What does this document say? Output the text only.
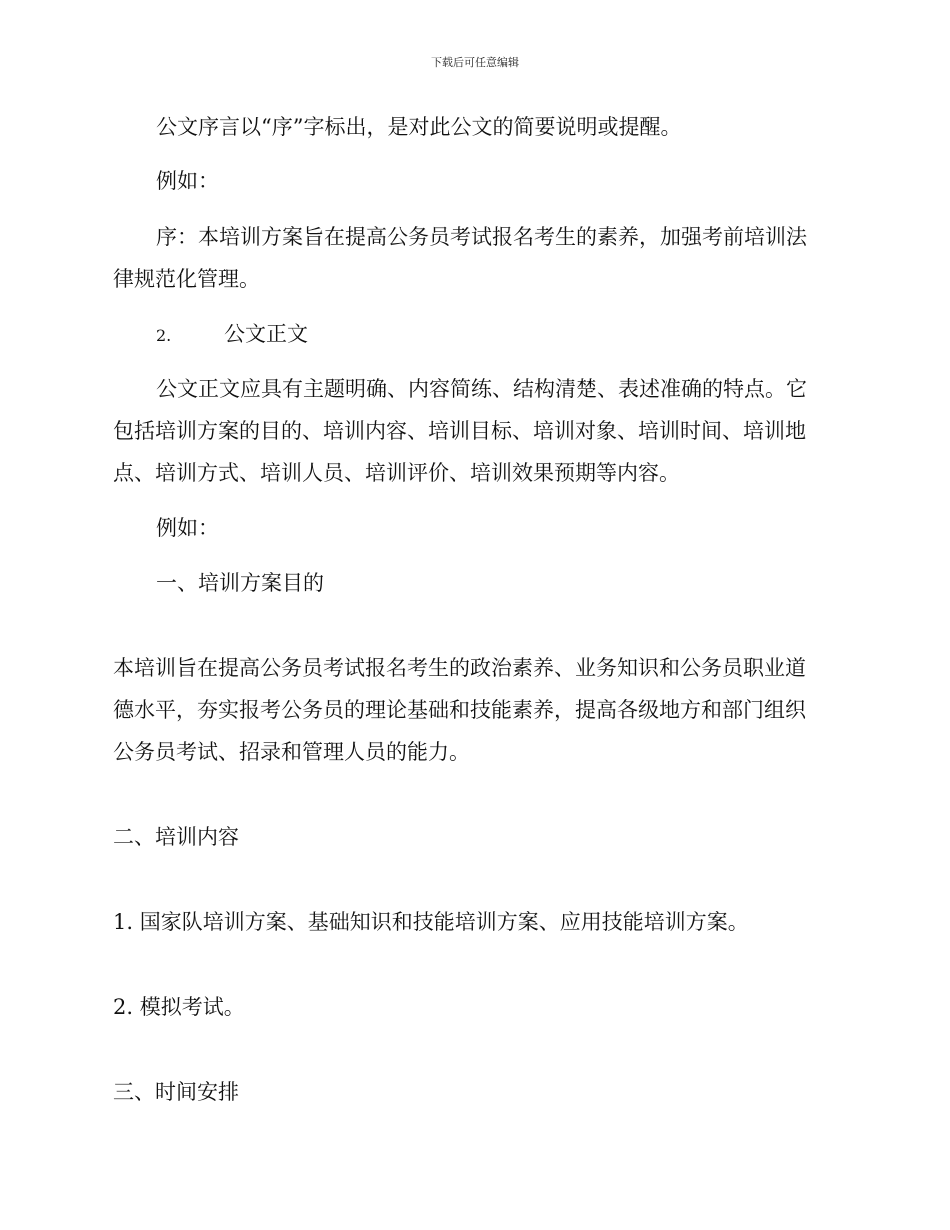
下载后可任意编辑
公文序言以“序”字标出，是对此公文的简要说明或提醒。
例如：
序：本培训方案旨在提高公务员考试报名考生的素养，加强考前培训法
律规范化管理。
2.	公文正文
公文正文应具有主题明确、内容简练、结构清楚、表述准确的特点。它
包括培训方案的目的、培训内容、培训目标、培训对象、培训时间、培训地
点、培训方式、培训人员、培训评价、培训效果预期等内容。
例如：
一、培训方案目的
本培训旨在提高公务员考试报名考生的政治素养、业务知识和公务员职业道
德水平，夯实报考公务员的理论基础和技能素养，提高各级地方和部门组织
公务员考试、招录和管理人员的能力。
二、培训内容
1. 国家队培训方案、基础知识和技能培训方案、应用技能培训方案。
2. 模拟考试。
三、时间安排
